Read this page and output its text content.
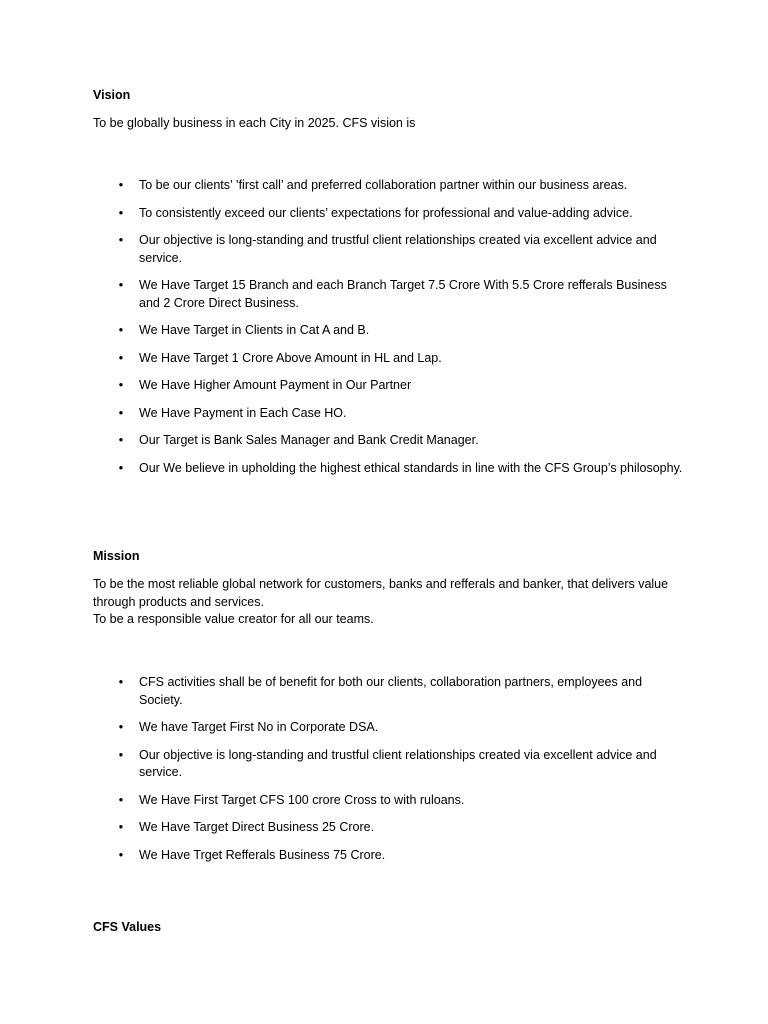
Vision

To be globally business in each City in 2025. CFS vision is

• To be our clients’ ’first call’ and preferred collaboration partner within our business areas.
• To consistently exceed our clients’ expectations for professional and value-adding advice.
• Our objective is long-standing and trustful client relationships created via excellent advice and service.
• We Have Target 15 Branch and each Branch Target 7.5 Crore With 5.5 Crore refferals Business and 2 Crore Direct Business.
• We Have Target in Clients in Cat A and B.
• We Have Target 1 Crore Above Amount in HL and Lap.
• We Have Higher Amount Payment in Our Partner
• We Have Payment in Each Case HO.
• Our Target is Bank Sales Manager and Bank Credit Manager.
• Our We believe in upholding the highest ethical standards in line with the CFS Group’s philosophy.

Mission

To be the most reliable global network for customers, banks and refferals and banker, that delivers value through products and services.
To be a responsible value creator for all our teams.

• CFS activities shall be of benefit for both our clients, collaboration partners, employees and Society.
• We have Target First No in Corporate DSA.
• Our objective is long-standing and trustful client relationships created via excellent advice and service.
• We Have First Target CFS 100 crore Cross to with ruloans.
• We Have Target Direct Business 25 Crore.
• We Have Trget Refferals Business 75 Crore.

CFS Values
